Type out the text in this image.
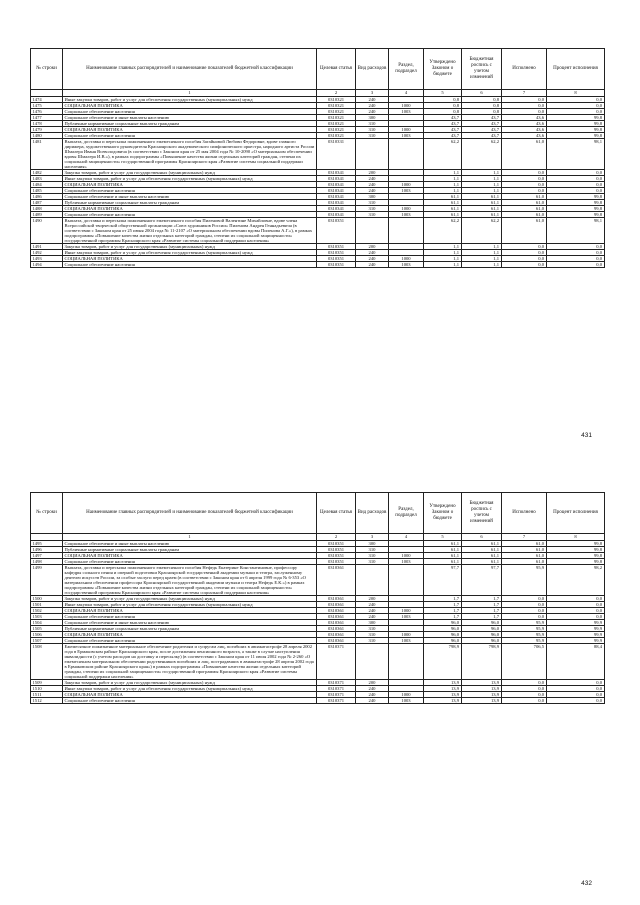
№ строки	Наименование главных распорядителей и наименование показателей бюджетной классификации	Целевая статья	Вид расходов	Раздел, подраздел	Утверждено Законом о бюджете	Бюджетная роспись с учетом изменений	Исполнено	Процент исполнения
	1	2	3	4	5	6	7	8
1474	Иные закупки товаров, работ и услуг для обеспечения государственных (муниципальных) нужд	0310321	240		0,8	0,8	0,0	0,0
1475	СОЦИАЛЬНАЯ ПОЛИТИКА	0310321	240	1000	0,8	0,8	0,0	0,0
1476	Социальное обеспечение населения	0310321	240	1003	0,8	0,8	0,0	0,0
1477	Социальное обеспечение и иные выплаты населению	0310321	300		43,7	43,7	43,6	99,8
1478	Публичные нормативные социальные выплаты гражданам	0310321	310		43,7	43,7	43,6	99,8
1479	СОЦИАЛЬНАЯ ПОЛИТИКА	0310321	310	1000	43,7	43,7	43,6	99,8
1480	Социальное обеспечение населения	0310321	310	1003	43,7	43,7	43,6	99,8
1481	Выплата, доставка и пересылка пожизненного ежемесячного пособия Загайновой Любови Федоровне, вдове главного дирижера, художественного руководителя Красноярского академического симфонического оркестра, народного артиста России Шмалера Иваня Всеволодовича (в соответствии с Законом края от 25 мая 2004 года № 10-2090 «О материальном обеспечении вдовы Шмалера И.В.»), в рамках подпрограммы «Повышение качества жизни отдельных категорий граждан, степени их социальной защищенности» государственной программы Красноярского края «Развитие системы социальной поддержки населения»	0310331			62,2	62,2	61,0	98,1
1482	Закупка товаров, работ и услуг для государственных (муниципальных) нужд	0310341	200		1,1	1,1	0,0	0,0
1483	Иные закупки товаров, работ и услуг для обеспечения государственных (муниципальных) нужд	0310341	240		1,1	1,1	0,0	0,0
1484	СОЦИАЛЬНАЯ ПОЛИТИКА	0310341	240	1000	1,1	1,1	0,0	0,0
1485	Социальное обеспечение населения	0310341	240	1003	1,1	1,1	0,0	0,0
1486	Социальное обеспечение и иные выплаты населению	0310341	300		61,1	61,1	61,0	99,8
1487	Публичные нормативные социальные выплаты гражданам	0310341	310		61,1	61,1	61,0	99,8
1488	СОЦИАЛЬНАЯ ПОЛИТИКА	0310341	310	1000	61,1	61,1	61,0	99,8
1489	Социальное обеспечение населения	0310341	310	1003	61,1	61,1	61,0	99,8
1490	Выплата, доставка и пересылка пожизненного ежемесячного пособия Пиленовой Валентине Михайловне, вдове члена Всероссийской творческой общественной организации «Союз художников России» Пиленова Андрея Геннадьевича (в соответствии с Законом края от 25 июня 2004 года № 11-2107 «О материальном обеспечении вдовы Пиленова А.Г.»), в рамках подпрограммы «Повышение качества жизни отдельных категорий граждан, степени их социальной защищенности» государственной программы Красноярского края «Развитие системы социальной поддержки населения»	0310351			62,2	62,2	61,0	98,1
1491	Закупка товаров, работ и услуг для государственных (муниципальных) нужд	0310351	200		1,1	1,1	0,0	0,0
1492	Иные закупки товаров, работ и услуг для обеспечения государственных (муниципальных) нужд	0310351	240		1,1	1,1	0,0	0,0
1493	СОЦИАЛЬНАЯ ПОЛИТИКА	0310351	240	1000	1,1	1,1	0,0	0,0
1494	Социальное обеспечение населения	0310351	240	1003	1,1	1,1	0,0	0,0
431
№ строки	Наименование главных распорядителей и наименование показателей бюджетной классификации	Целевая статья	Вид расходов	Раздел, подраздел	Утверждено Законом о бюджете	Бюджетная роспись с учетом изменений	Исполнено	Процент исполнения
	1	2	3	4	5	6	7	8
1495	Социальное обеспечение и иные выплаты населению	0310351	300		61,1	61,1	61,0	99,8
1496	Публичные нормативные социальные выплаты гражданам	0310351	310		61,1	61,1	61,0	99,8
1497	СОЦИАЛЬНАЯ ПОЛИТИКА	0310351	310	1000	61,1	61,1	61,0	99,8
1498	Социальное обеспечение населения	0310351	310	1003	61,1	61,1	61,0	99,8
1499	Выплата, доставка и пересылка пожизненного ежемесячного пособия Нефедь Екатерине Константиновне, профессору кафедры сольного пения и оперной подготовки Красноярской государственной академии музыки и театра, заслуженному деятелю искусств России, за особые заслуги перед краем (в соответствии с Законом края от 6 апреля 1999 года № 6-353 «О материальном обеспечении профессора Красноярской государственной академии музыки и театра Нефедь Е.К.») в рамках подпрограммы «Повышение качества жизни отдельных категорий граждан, степени их социальной защищенности» государственной программы Красноярского края «Развитие системы социальной поддержки населения»	0310361			97,7	97,7	95,9	98,2
1500	Закупка товаров, работ и услуг для государственных (муниципальных) нужд	0310361	200		1,7	1,7	0,0	0,0
1501	Иные закупки товаров, работ и услуг для обеспечения государственных (муниципальных) нужд	0310361	240		1,7	1,7	0,0	0,0
1502	СОЦИАЛЬНАЯ ПОЛИТИКА	0310361	240	1000	1,7	1,7	0,0	0,0
1503	Социальное обеспечение населения	0310361	240	1003	1,7	1,7	0,0	0,0
1504	Социальное обеспечение и иные выплаты населению	0310361	300		96,0	96,0	95,9	99,9
1505	Публичные нормативные социальные выплаты гражданам	0310361	310		96,0	96,0	95,9	99,9
1506	СОЦИАЛЬНАЯ ПОЛИТИКА	0310361	310	1000	96,0	96,0	95,9	99,9
1507	Социальное обеспечение населения	0310361	310	1003	96,0	96,0	95,9	99,9
1508	Ежемесячное пожизненное материальное обеспечение родителям и супругам лиц, погибших в авиакатастрофе 28 апреля 2002 года в Ермаковском районе Красноярского края, после достижения пенсионного возраста, а также в случае наступления инвалидности (с учетом расходов на доставку и пересылку) (в соответствии с Законом края от 11 июля 2002 года № 2-260 «О ежемесячном материальном обеспечении родственников погибших и лиц, пострадавших в авиакатастрофе 28 апреля 2002 года в Ермаковском районе Красноярского края») в рамках подпрограммы «Повышение качества жизни отдельных категорий граждан, степени их социальной защищенности» государственной программы Красноярского края «Развитие системы социальной поддержки населения»	0310371			798,9	798,9	706,5	88,4
1509	Закупка товаров, работ и услуг для государственных (муниципальных) нужд	0310371	200		13,9	13,9	0,0	0,0
1510	Иные закупки товаров, работ и услуг для обеспечения государственных (муниципальных) нужд	0310371	240		13,9	13,9	0,0	0,0
1511	СОЦИАЛЬНАЯ ПОЛИТИКА	0310371	240	1000	13,9	13,9	0,0	0,0
1512	Социальное обеспечение населения	0310371	240	1003	13,9	13,9	0,0	0,0
432
